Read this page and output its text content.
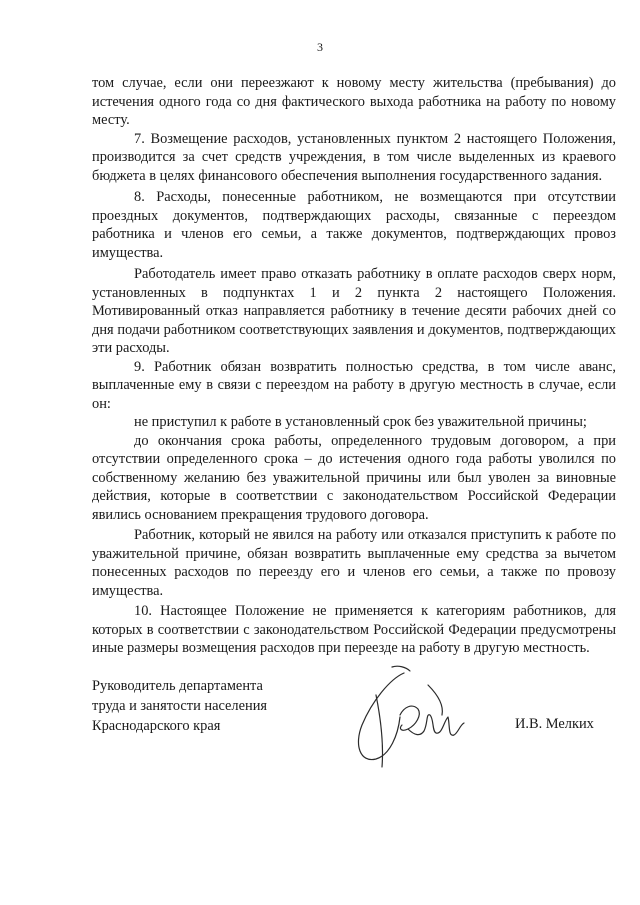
3

том случае, если они переезжают к новому месту жительства (пребывания) до истечения одного года со дня фактического выхода работника на работу по новому месту.

7. Возмещение расходов, установленных пунктом 2 настоящего Положения, производится за счет средств учреждения, в том числе выделенных из краевого бюджета в целях финансового обеспечения выполнения государственного задания.

8. Расходы, понесенные работником, не возмещаются при отсутствии проездных документов, подтверждающих расходы, связанные с переездом работника и членов его семьи, а также документов, подтверждающих провоз имущества.

Работодатель имеет право отказать работнику в оплате расходов сверх норм, установленных в подпунктах 1 и 2 пункта 2 настоящего Положения. Мотивированный отказ направляется работнику в течение десяти рабочих дней со дня подачи работником соответствующих заявления и документов, подтверждающих эти расходы.

9. Работник обязан возвратить полностью средства, в том числе аванс, выплаченные ему в связи с переездом на работу в другую местность в случае, если он:

не приступил к работе в установленный срок без уважительной причины;

до окончания срока работы, определенного трудовым договором, а при отсутствии определенного срока – до истечения одного года работы уволился по собственному желанию без уважительной причины или был уволен за виновные действия, которые в соответствии с законодательством Российской Федерации явились основанием прекращения трудового договора.

Работник, который не явился на работу или отказался приступить к работе по уважительной причине, обязан возвратить выплаченные ему средства за вычетом понесенных расходов по переезду его и членов его семьи, а также по провозу имущества.

10. Настоящее Положение не применяется к категориям работников, для которых в соответствии с законодательством Российской Федерации предусмотрены иные размеры возмещения расходов при переезде на работу в другую местность.

Руководитель департамента
труда и занятости населения
Краснодарского края	И.В. Мелких
